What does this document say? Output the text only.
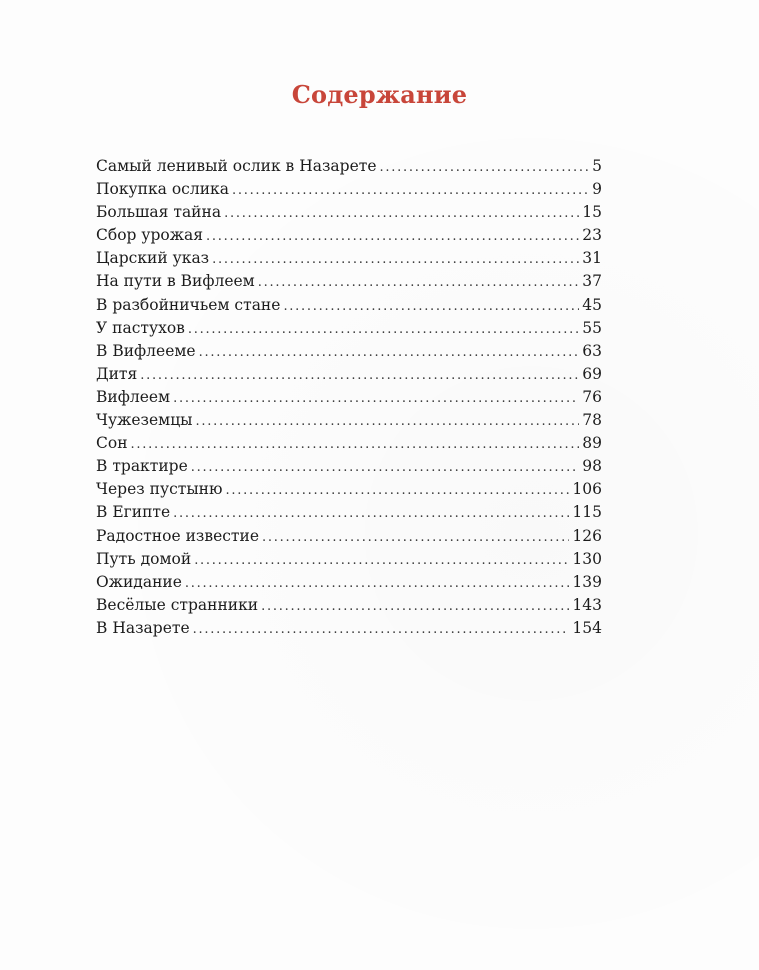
Содержание
Самый ленивый ослик в Назарете . . .	5
Покупка ослика . . .	9
Большая тайна . . .	15
Сбор урожая . . .	23
Царский указ . . .	31
На пути в Вифлеем . . .	37
В разбойничьем стане . . .	45
У пастухов . . .	55
В Вифлееме . . .	63
Дитя . . .	69
Вифлеем . . .	76
Чужеземцы . . .	78
Сон . . .	89
В трактире . . .	98
Через пустыню . . .	106
В Египте . . .	115
Радостное известие . . .	126
Путь домой . . .	130
Ожидание . . .	139
Весёлые странники . . .	143
В Назарете . . .	154
